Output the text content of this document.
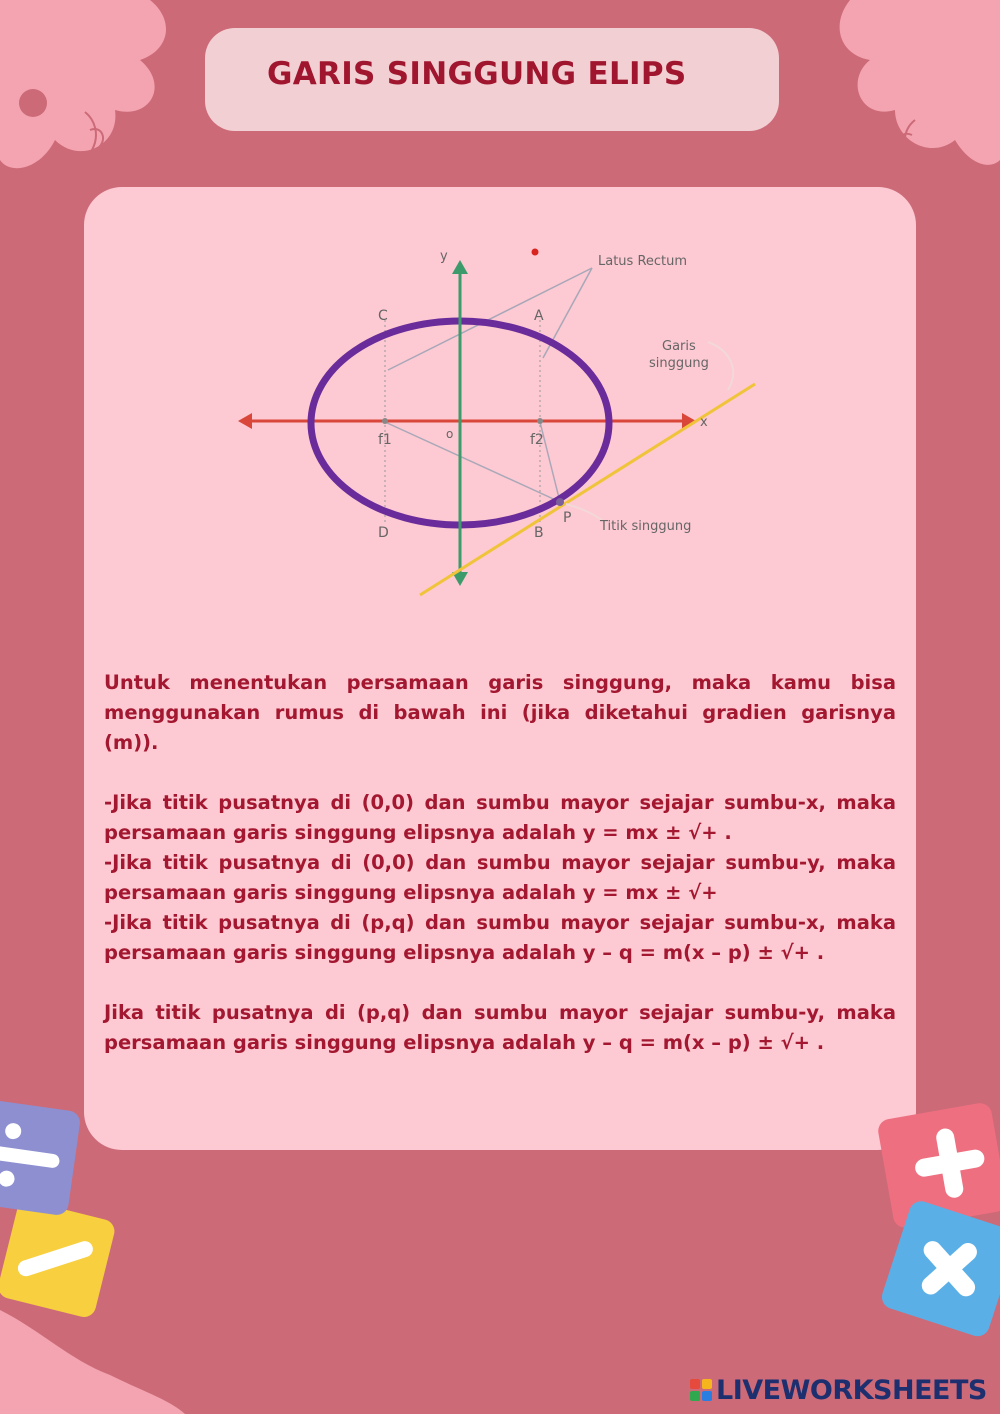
GARIS SINGGUNG ELIPS
y
x
o
Latus Rectum
Garis
singgung
Titik singgung
A
B
C
D
P
f1	f2

Untuk menentukan persamaan garis singgung, maka kamu bisa menggunakan rumus di bawah ini (jika diketahui gradien garisnya (m)).

-Jika titik pusatnya di (0,0) dan sumbu mayor sejajar sumbu-x, maka persamaan garis singgung elipsnya adalah y = mx ± √+ .

-Jika titik pusatnya di (0,0) dan sumbu mayor sejajar sumbu-y, maka persamaan garis singgung elipsnya adalah y = mx ± √+

-Jika titik pusatnya di (p,q) dan sumbu mayor sejajar sumbu-x, maka persamaan garis singgung elipsnya adalah y – q = m(x – p) ± √+ .

Jika titik pusatnya di (p,q) dan sumbu mayor sejajar sumbu-y, maka persamaan garis singgung elipsnya adalah y – q = m(x – p) ± √+ .

LIVEWORKSHEETS
